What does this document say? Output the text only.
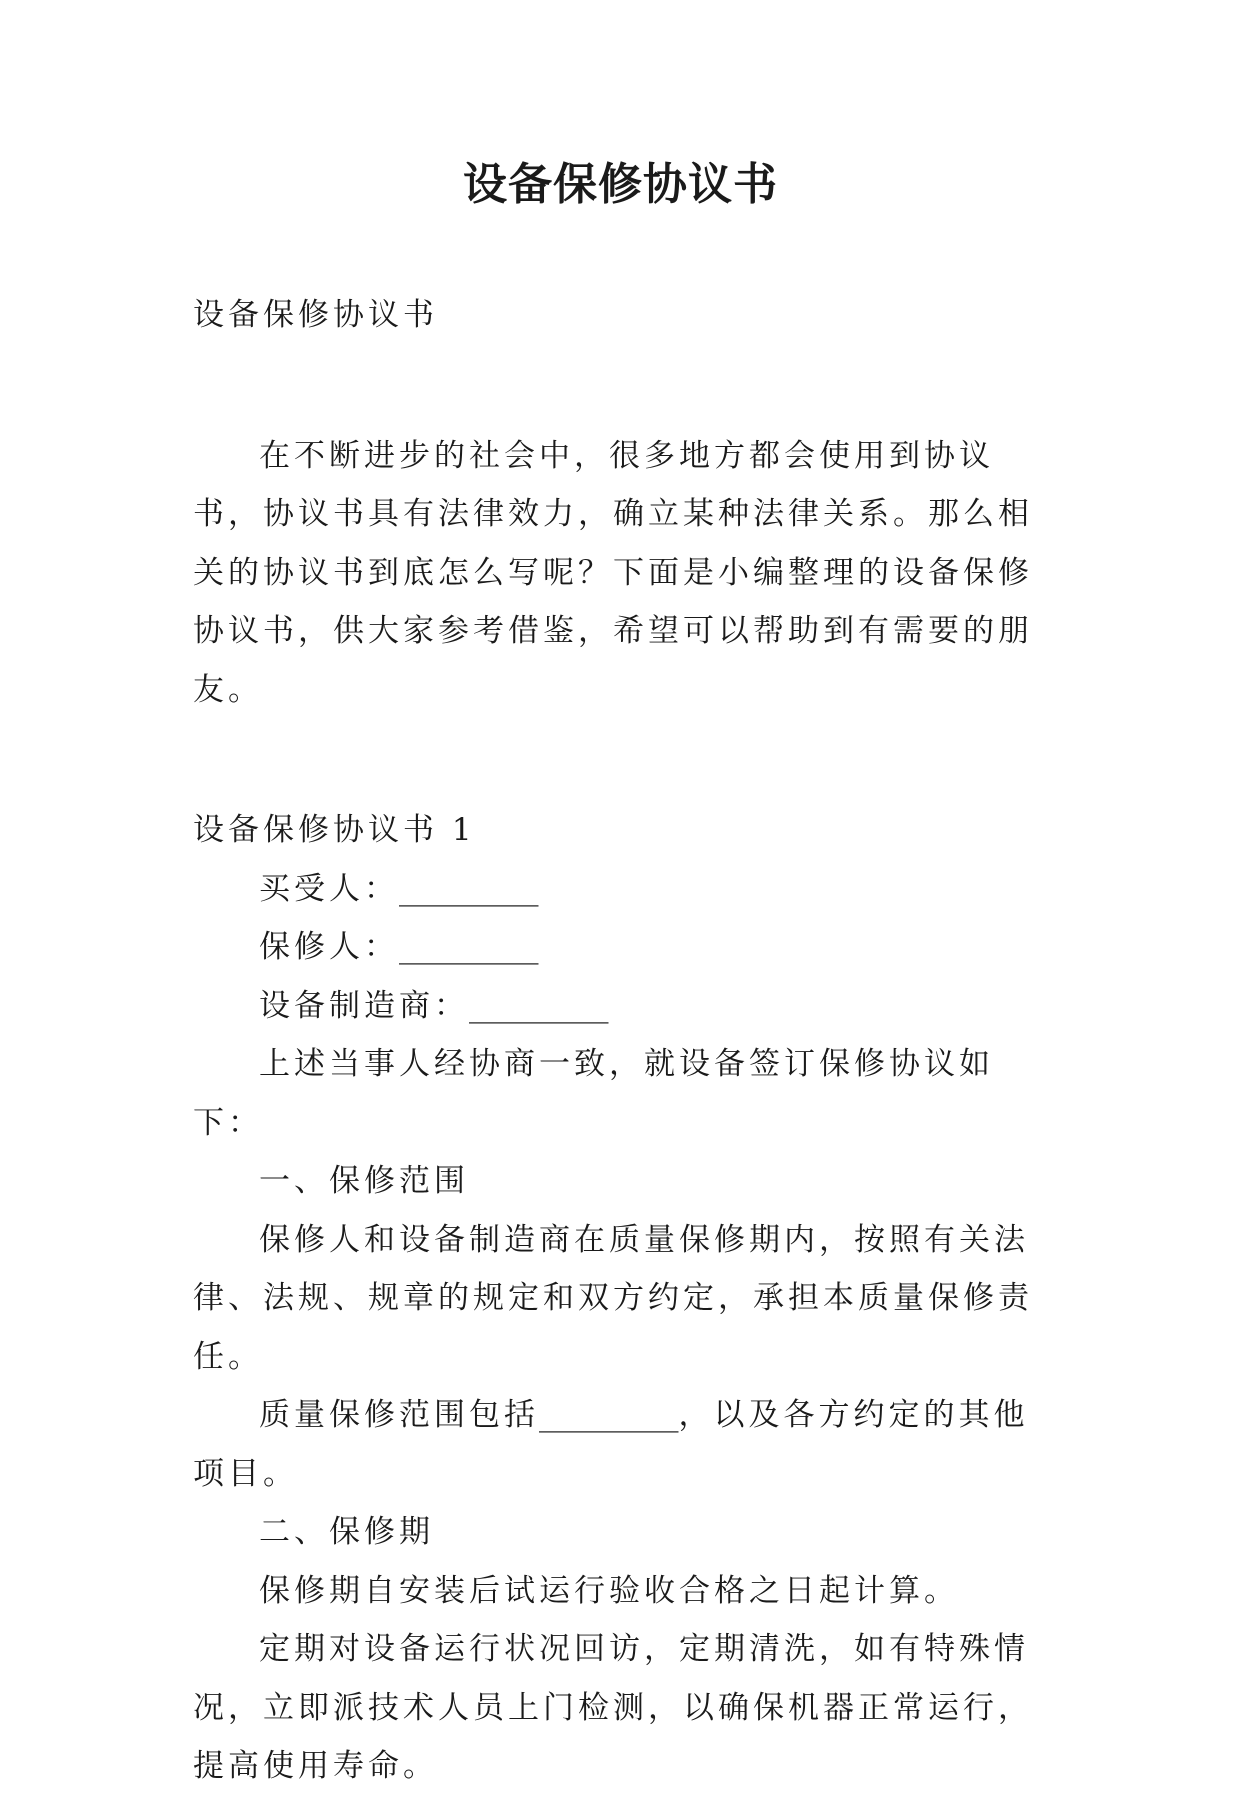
设备保修协议书

设备保修协议书

在不断进步的社会中，很多地方都会使用到协议书，协议书具有法律效力，确立某种法律关系。那么相关的协议书到底怎么写呢？下面是小编整理的设备保修协议书，供大家参考借鉴，希望可以帮助到有需要的朋友。

设备保修协议书 1

买受人：_________

保修人：_________

设备制造商：_________

上述当事人经协商一致，就设备签订保修协议如下：

一、保修范围

保修人和设备制造商在质量保修期内，按照有关法律、法规、规章的规定和双方约定，承担本质量保修责任。

质量保修范围包括_________，以及各方约定的其他项目。

二、保修期

保修期自安装后试运行验收合格之日起计算。

定期对设备运行状况回访，定期清洗，如有特殊情况，立即派技术人员上门检测，以确保机器正常运行，提高使用寿命。
